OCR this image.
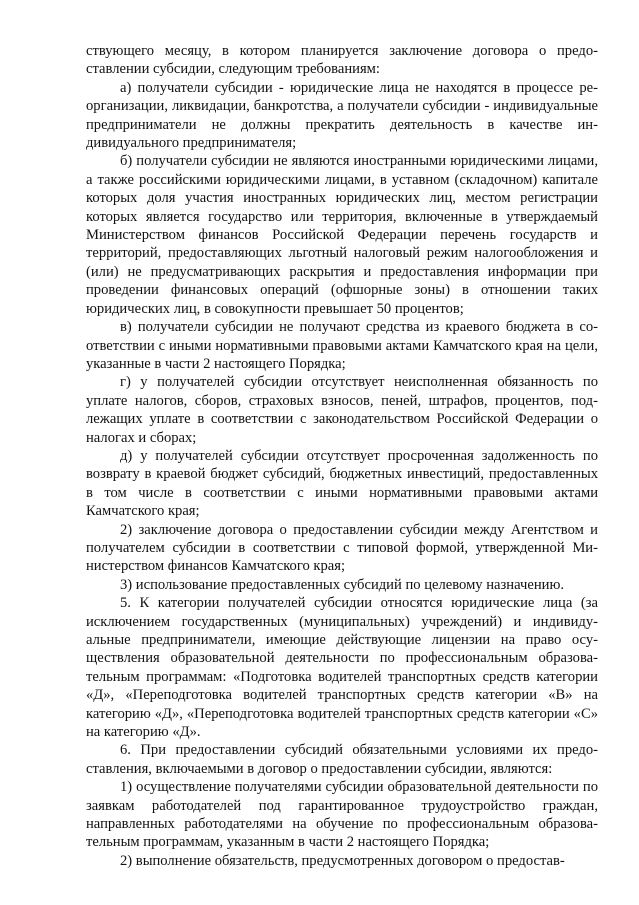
ствующего месяцу, в котором планируется заключение договора о предоставлении субсидии, следующим требованиям:

а) получатели субсидии - юридические лица не находятся в процессе реорганизации, ликвидации, банкротства, а получатели субсидии - индивидуальные предприниматели не должны прекратить деятельность в качестве индивидуального предпринимателя;

б) получатели субсидии не являются иностранными юридическими лицами, а также российскими юридическими лицами, в уставном (складочном) капитале которых доля участия иностранных юридических лиц, местом регистрации которых является государство или территория, включенные в утверждаемый Министерством финансов Российской Федерации перечень государств и территорий, предоставляющих льготный налоговый режим налогообложения и (или) не предусматривающих раскрытия и предоставления информации при проведении финансовых операций (офшорные зоны) в отношении таких юридических лиц, в совокупности превышает 50 процентов;

в) получатели субсидии не получают средства из краевого бюджета в соответствии с иными нормативными правовыми актами Камчатского края на цели, указанные в части 2 настоящего Порядка;

г) у получателей субсидии отсутствует неисполненная обязанность по уплате налогов, сборов, страховых взносов, пеней, штрафов, процентов, подлежащих уплате в соответствии с законодательством Российской Федерации о налогах и сборах;

д) у получателей субсидии отсутствует просроченная задолженность по возврату в краевой бюджет субсидий, бюджетных инвестиций, предоставленных в том числе в соответствии с иными нормативными правовыми актами Камчатского края;

2) заключение договора о предоставлении субсидии между Агентством и получателем субсидии в соответствии с типовой формой, утвержденной Министерством финансов Камчатского края;

3) использование предоставленных субсидий по целевому назначению.

5. К категории получателей субсидии относятся юридические лица (за исключением государственных (муниципальных) учреждений) и индивидуальные предприниматели, имеющие действующие лицензии на право осуществления образовательной деятельности по профессиональным образовательным программам: «Подготовка водителей транспортных средств категории «Д», «Переподготовка водителей транспортных средств категории «В» на категорию «Д», «Переподготовка водителей транспортных средств категории «С» на категорию «Д».

6. При предоставлении субсидий обязательными условиями их предоставления, включаемыми в договор о предоставлении субсидии, являются:

1) осуществление получателями субсидии образовательной деятельности по заявкам работодателей под гарантированное трудоустройство граждан, направленных работодателями на обучение по профессиональным образовательным программам, указанным в части 2 настоящего Порядка;

2) выполнение обязательств, предусмотренных договором о предостав-
